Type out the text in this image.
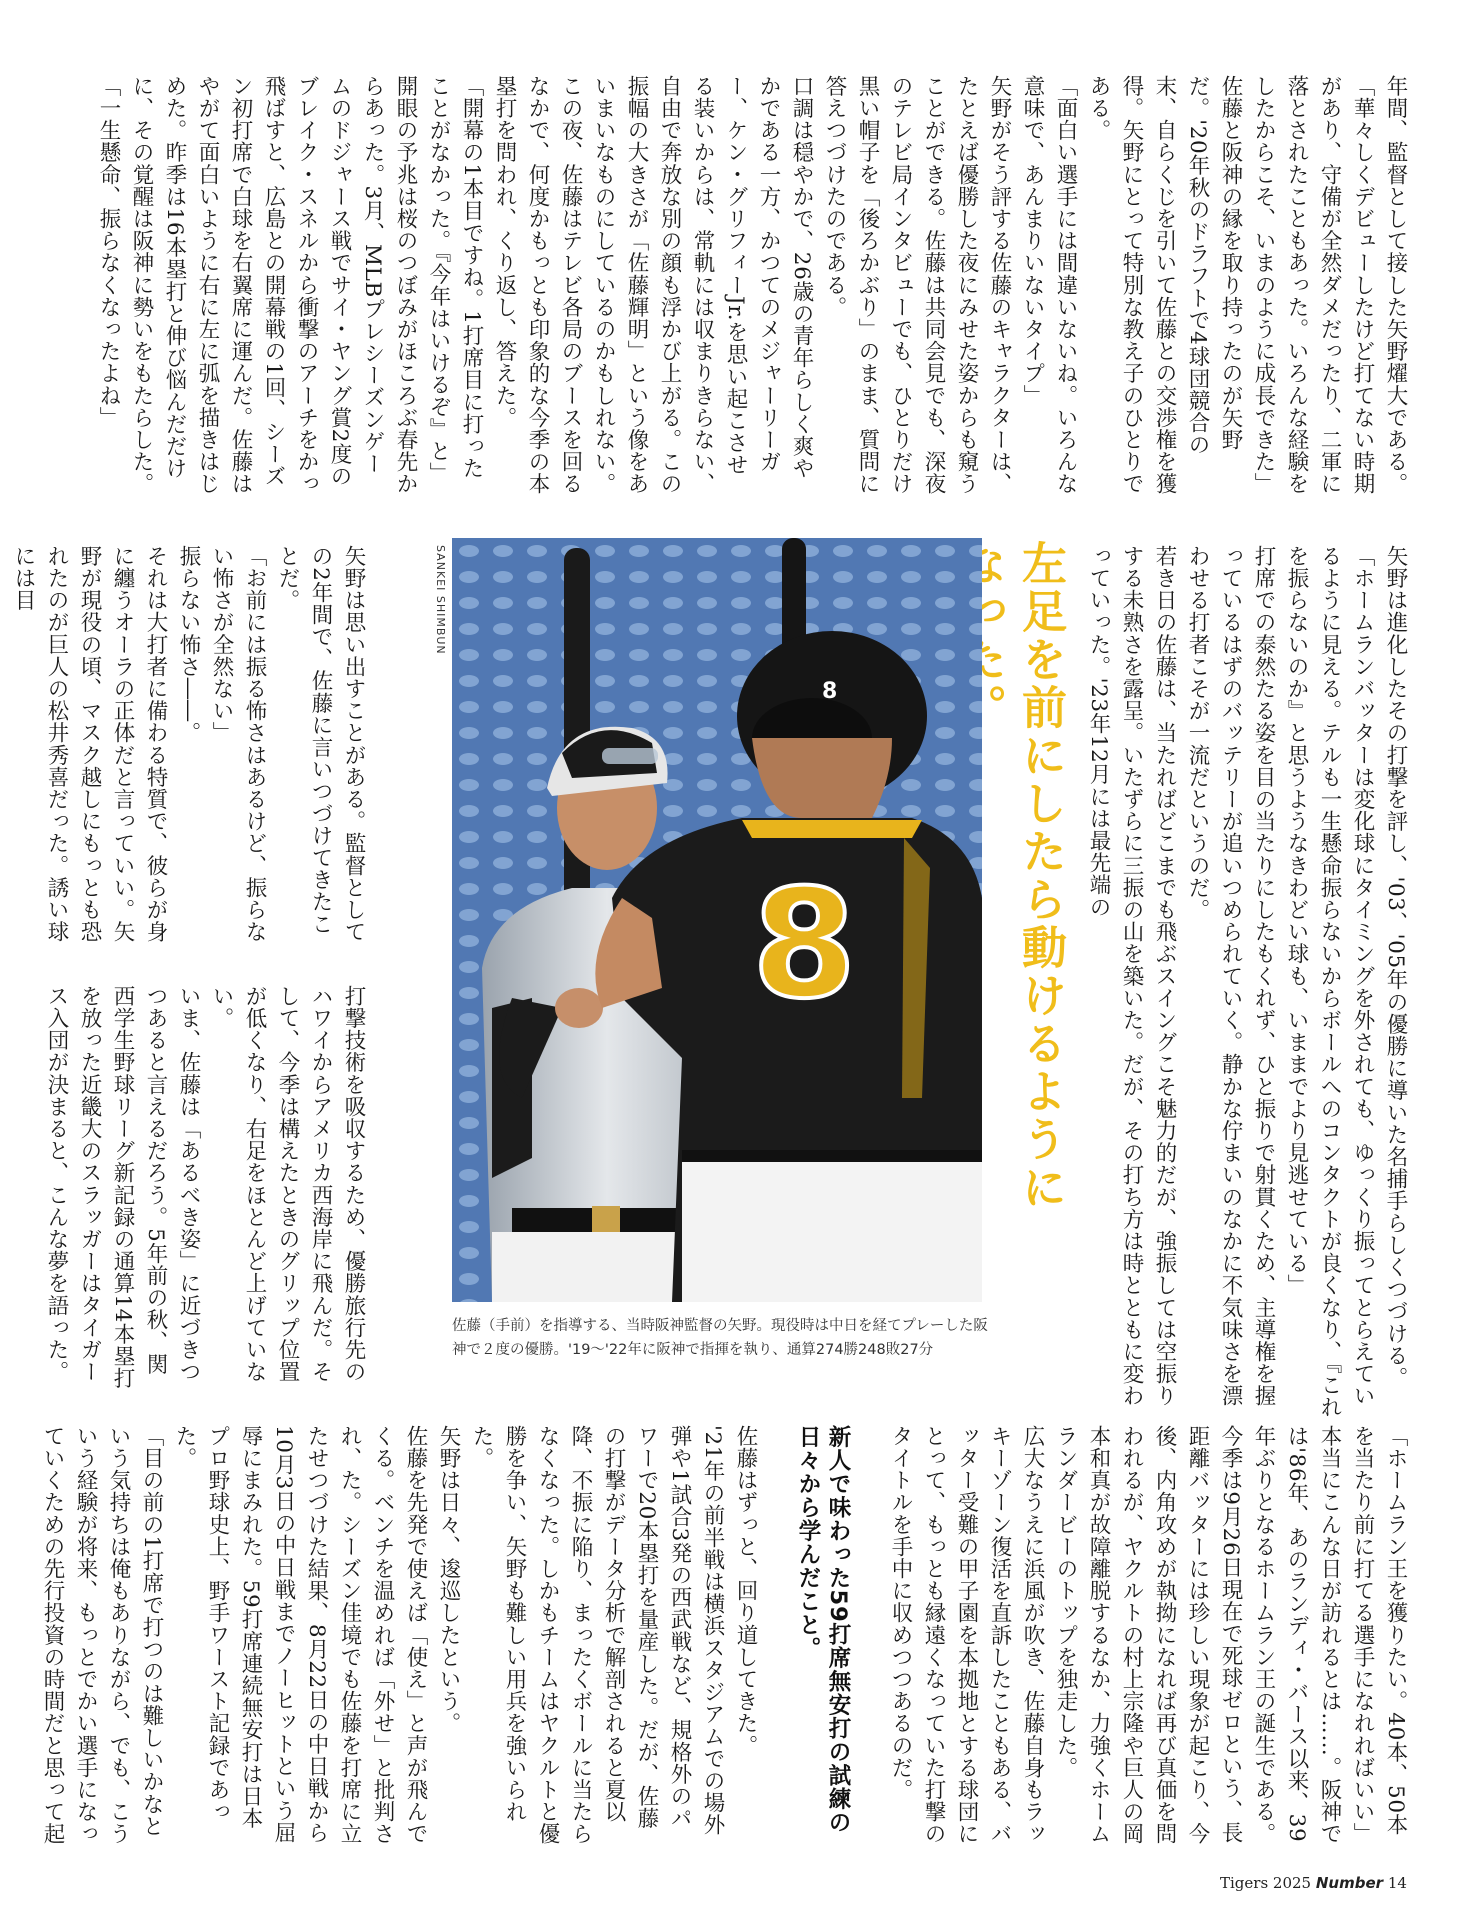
年間、監督として接した矢野燿大である。
「華々しくデビューしたけど打てない時期があり、守備が全然ダメだったり、二軍に落とされたこともあった。いろんな経験をしたからこそ、いまのように成長できた」
佐藤と阪神の縁を取り持ったのが矢野だ。'20年秋のドラフトで4球団競合の末、自らくじを引いて佐藤との交渉権を獲得。矢野にとって特別な教え子のひとりである。
「面白い選手には間違いないね。いろんな意味で、あんまりいないタイプ」
矢野がそう評する佐藤のキャラクターは、たとえば優勝した夜にみせた姿からも窺うことができる。佐藤は共同会見でも、深夜のテレビ局インタビューでも、ひとりだけ黒い帽子を「後ろかぶり」のまま、質問に答えつづけたのである。
口調は穏やかで、26歳の青年らしく爽やかである一方、かつてのメジャーリーガー、ケン・グリフィーJr.を思い起こさせる装いからは、常軌には収まりきらない、自由で奔放な別の顔も浮かび上がる。この振幅の大きさが「佐藤輝明」という像をあいまいなものにしているのかもしれない。
この夜、佐藤はテレビ各局のブースを回るなかで、何度かもっとも印象的な今季の本塁打を問われ、くり返し、答えた。
「開幕の1本目ですね。1打席目に打ったことがなかった。『今年はいけるぞ』と」
開眼の予兆は桜のつぼみがほころぶ春先からあった。3月、MLBプレシーズンゲームのドジャース戦でサイ・ヤング賞2度のブレイク・スネルから衝撃のアーチをかっ飛ばすと、広島との開幕戦の1回、シーズン初打席で白球を右翼席に運んだ。佐藤はやがて面白いように右に左に弧を描きはじめた。昨季は16本塁打と伸び悩んだだけに、その覚醒は阪神に勢いをもたらした。
「一生懸命、振らなくなったよね」
矢野は進化したその打撃を評し、'03、'05年の優勝に導いた名捕手らしくつづける。
「ホームランバッターは変化球にタイミングを外されても、ゆっくり振ってとらえているように見える。テルも一生懸命振らないからボールへのコンタクトが良くなり、『これを振らないのか』と思うようなきわどい球も、いままでより見逃せている」
打席での泰然たる姿を目の当たりにしたもくれず、ひと振りで射貫くため、主導権を握っているはずのバッテリーが追いつめられていく。静かな佇まいのなかに不気味さを漂わせる打者こそが一流だというのだ。
若き日の佐藤は、当たればどこまでも飛ぶスイングこそ魅力的だが、強振しては空振りする未熟さを露呈。いたずらに三振の山を築いた。だが、その打ち方は時とともに変わっていった。'23年12月には最先端の
左足を前にしたら動けるように
8
8
SANKEI SHIMBUN
佐藤（手前）を指導する、当時阪神監督の矢野。現役時は中日を経てプレーした阪神で２度の優勝。'19～'22年に阪神で指揮を執り、通算274勝248敗27分
矢野は思い出すことがある。監督としての2年間で、佐藤に言いつづけてきたことだ。
「お前には振る怖さはあるけど、振らない怖さが全然ない」
振らない怖さ――。
それは大打者に備わる特質で、彼らが身に纏うオーラの正体だと言っていい。矢野が現役の頃、マスク越しにもっとも恐れたのが巨人の松井秀喜だった。誘い球には目
打撃技術を吸収するため、優勝旅行先のハワイからアメリカ西海岸に飛んだ。そして、今季は構えたときのグリップ位置が低くなり、右足をほとんど上げていない。
いま、佐藤は「あるべき姿」に近づきつつあると言えるだろう。5年前の秋、関西学生野球リーグ新記録の通算14本塁打を放った近畿大のスラッガーはタイガース入団が決まると、こんな夢を語った。
「ホームラン王を獲りたい。40本、50本を当たり前に打てる選手になれればいい」
本当にこんな日が訪れるとは……。阪神では'86年、あのランディ・バース以来、39年ぶりとなるホームラン王の誕生である。
今季は9月26日現在で死球ゼロという、長距離バッターには珍しい現象が起こり、今後、内角攻めが執拗になれば再び真価を問われるが、ヤクルトの村上宗隆や巨人の岡本和真が故障離脱するなか、力強くホームランダービーのトップを独走した。
広大なうえに浜風が吹き、佐藤自身もラッキーゾーン復活を直訴したこともある、バッター受難の甲子園を本拠地とする球団にとって、もっとも縁遠くなっていた打撃のタイトルを手中に収めつつあるのだ。
新人で味わった59打席無安打の試練の日々から学んだこと。
佐藤はずっと、回り道してきた。
'21年の前半戦は横浜スタジアムでの場外弾や1試合3発の西武戦など、規格外のパワーで20本塁打を量産した。だが、佐藤の打撃がデータ分析で解剖されると夏以降、不振に陥り、まったくボールに当たらなくなった。しかもチームはヤクルトと優勝を争い、矢野も難しい用兵を強いられた。
矢野は日々、逡巡したという。
佐藤を先発で使えば「使え」と声が飛んでくる。ベンチを温めれば「外せ」と批判され、た。シーズン佳境でも佐藤を打席に立たせつづけた結果、8月22日の中日戦から10月3日の中日戦までノーヒットという屈辱にまみれた。59打席連続無安打は日本プロ野球史上、野手ワースト記録であった。
「目の前の1打席で打つのは難しいかなという気持ちは俺もありながら、でも、こういう経験が将来、もっとでかい選手になっていくための先行投資の時間だと思って起
Tigers 2025 Number 14
